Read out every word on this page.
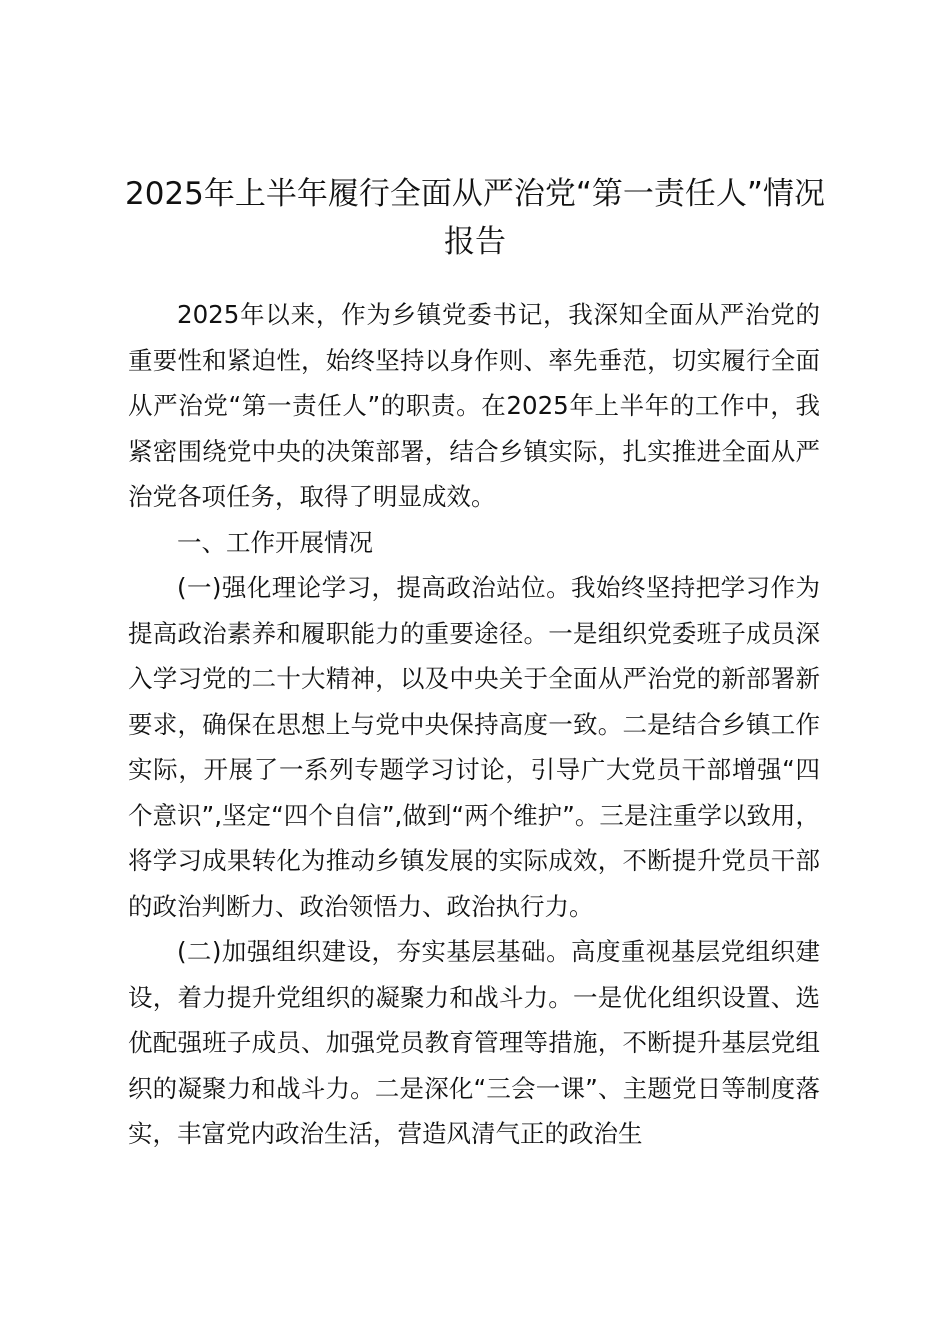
2025年上半年履行全面从严治党“第一责任人”情况报告

2025年以来，作为乡镇党委书记，我深知全面从严治党的重要性和紧迫性，始终坚持以身作则、率先垂范，切实履行全面从严治党“第一责任人”的职责。在2025年上半年的工作中，我紧密围绕党中央的决策部署，结合乡镇实际，扎实推进全面从严治党各项任务，取得了明显成效。

一、工作开展情况

(一)强化理论学习，提高政治站位。我始终坚持把学习作为提高政治素养和履职能力的重要途径。一是组织党委班子成员深入学习党的二十大精神，以及中央关于全面从严治党的新部署新要求，确保在思想上与党中央保持高度一致。二是结合乡镇工作实际，开展了一系列专题学习讨论，引导广大党员干部增强“四个意识”,坚定“四个自信”,做到“两个维护”。三是注重学以致用，将学习成果转化为推动乡镇发展的实际成效，不断提升党员干部的政治判断力、政治领悟力、政治执行力。

(二)加强组织建设，夯实基层基础。高度重视基层党组织建设，着力提升党组织的凝聚力和战斗力。一是优化组织设置、选优配强班子成员、加强党员教育管理等措施，不断提升基层党组织的凝聚力和战斗力。二是深化“三会一课”、主题党日等制度落实，丰富党内政治生活，营造风清气正的政治生
